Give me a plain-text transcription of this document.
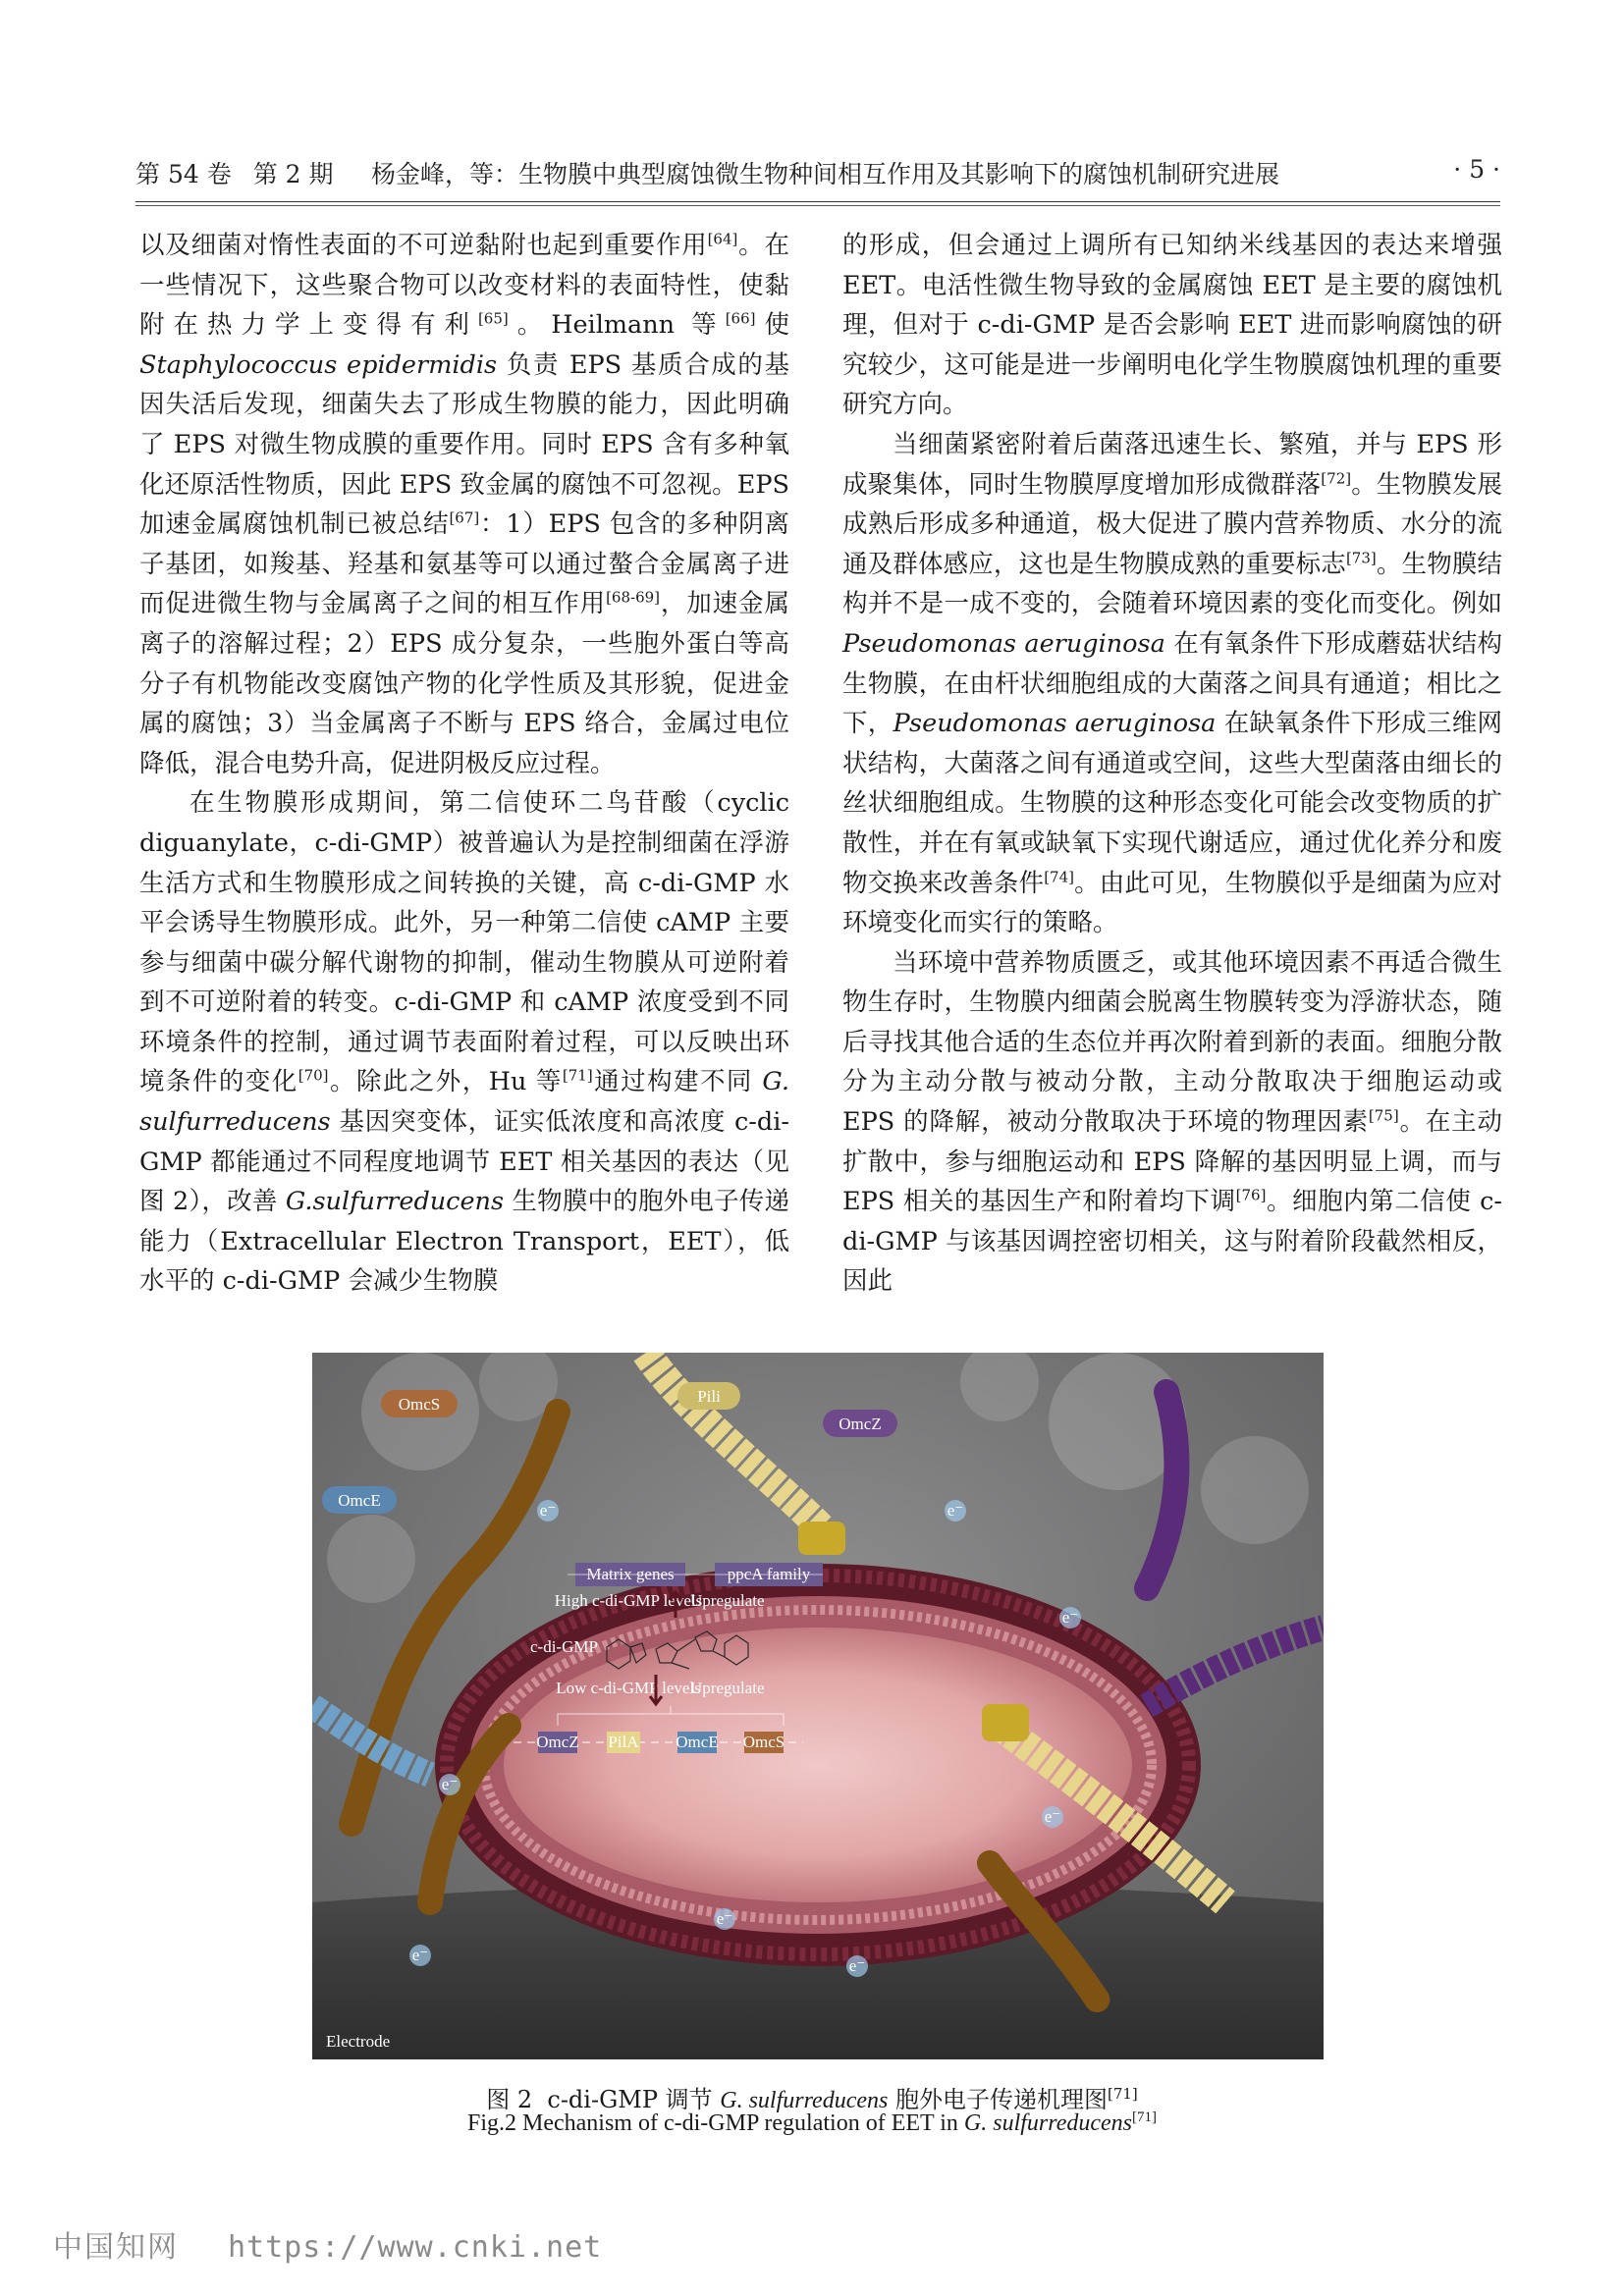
第 54 卷 第 2 期	杨金峰，等：生物膜中典型腐蚀微生物种间相互作用及其影响下的腐蚀机制研究进展	· 5 ·

以及细菌对惰性表面的不可逆黏附也起到重要作用[64]。在一些情况下，这些聚合物可以改变材料的表面特性，使黏附在热力学上变得有利[65]。Heilmann 等[66]使 Staphylococcus epidermidis 负责 EPS 基质合成的基因失活后发现，细菌失去了形成生物膜的能力，因此明确了 EPS 对微生物成膜的重要作用。同时 EPS 含有多种氧化还原活性物质，因此 EPS 致金属的腐蚀不可忽视。EPS 加速金属腐蚀机制已被总结[67]：1）EPS 包含的多种阴离子基团，如羧基、羟基和氨基等可以通过螯合金属离子进而促进微生物与金属离子之间的相互作用[68-69]，加速金属离子的溶解过程；2）EPS 成分复杂，一些胞外蛋白等高分子有机物能改变腐蚀产物的化学性质及其形貌，促进金属的腐蚀；3）当金属离子不断与 EPS 络合，金属过电位降低，混合电势升高，促进阴极反应过程。

在生物膜形成期间，第二信使环二鸟苷酸（cyclic diguanylate，c-di-GMP）被普遍认为是控制细菌在浮游生活方式和生物膜形成之间转换的关键，高 c-di-GMP 水平会诱导生物膜形成。此外，另一种第二信使 cAMP 主要参与细菌中碳分解代谢物的抑制，催动生物膜从可逆附着到不可逆附着的转变。c-di-GMP 和 cAMP 浓度受到不同环境条件的控制，通过调节表面附着过程，可以反映出环境条件的变化[70]。除此之外，Hu 等[71]通过构建不同 G. sulfurreducens 基因突变体，证实低浓度和高浓度 c-di-GMP 都能通过不同程度地调节 EET 相关基因的表达（见图 2），改善 G.sulfurreducens 生物膜中的胞外电子传递能力（Extracellular Electron Transport，EET），低水平的 c-di-GMP 会减少生物膜

的形成，但会通过上调所有已知纳米线基因的表达来增强 EET。电活性微生物导致的金属腐蚀 EET 是主要的腐蚀机理，但对于 c-di-GMP 是否会影响 EET 进而影响腐蚀的研究较少，这可能是进一步阐明电化学生物膜腐蚀机理的重要研究方向。

当细菌紧密附着后菌落迅速生长、繁殖，并与 EPS 形成聚集体，同时生物膜厚度增加形成微群落[72]。生物膜发展成熟后形成多种通道，极大促进了膜内营养物质、水分的流通及群体感应，这也是生物膜成熟的重要标志[73]。生物膜结构并不是一成不变的，会随着环境因素的变化而变化。例如 Pseudomonas aeruginosa 在有氧条件下形成蘑菇状结构生物膜，在由杆状细胞组成的大菌落之间具有通道；相比之下，Pseudomonas aeruginosa 在缺氧条件下形成三维网状结构，大菌落之间有通道或空间，这些大型菌落由细长的丝状细胞组成。生物膜的这种形态变化可能会改变物质的扩散性，并在有氧或缺氧下实现代谢适应，通过优化养分和废物交换来改善条件[74]。由此可见，生物膜似乎是细菌为应对环境变化而实行的策略。

当环境中营养物质匮乏，或其他环境因素不再适合微生物生存时，生物膜内细菌会脱离生物膜转变为浮游状态，随后寻找其他合适的生态位并再次附着到新的表面。细胞分散分为主动分散与被动分散，主动分散取决于细胞运动或 EPS 的降解，被动分散取决于环境的物理因素[75]。在主动扩散中，参与细胞运动和 EPS 降解的基因明显上调，而与 EPS 相关的基因生产和附着均下调[76]。细胞内第二信使 c-di-GMP 与该基因调控密切相关，这与附着阶段截然相反，因此

Electrode
OmcS	Pili
OmcZ
OmcE
e⁻	e⁻
e⁻
e⁻
e⁻
e⁻
e⁻
e⁻
Matrix genes	ppcA family
High c-di-GMP levels
Upregulate
c-di-GMP
Low c-di-GMP levels
Upregulate
OmcZ PilA OmcE OmcS
图 2 c-di-GMP 调节 G. sulfurreducens 胞外电子传递机理图[71]
Fig.2 Mechanism of c-di-GMP regulation of EET in G. sulfurreducens[71]
中国知网 https://www.cnki.net
